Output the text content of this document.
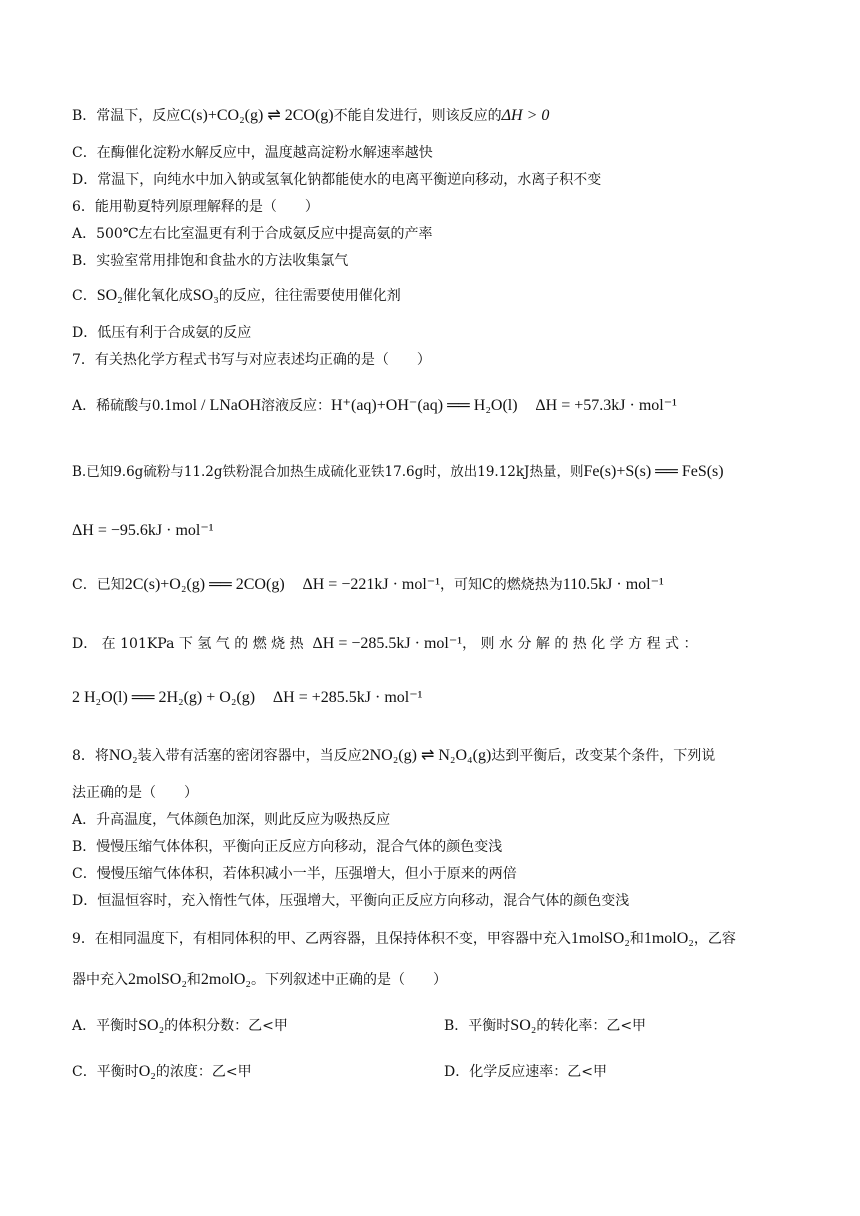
B．常温下，反应C(s)+CO₂(g) ⇌ 2CO(g)不能自发进行，则该反应的ΔH > 0
C．在酶催化淀粉水解反应中，温度越高淀粉水解速率越快
D．常温下，向纯水中加入钠或氢氧化钠都能使水的电离平衡逆向移动，水离子积不变
6．能用勒夏特列原理解释的是（　　）
A．500℃左右比室温更有利于合成氨反应中提高氨的产率
B．实验室常用排饱和食盐水的方法收集氯气
C．SO₂催化氧化成SO₃的反应，往往需要使用催化剂
D．低压有利于合成氨的反应
7．有关热化学方程式书写与对应表述均正确的是（　　）
A．稀硫酸与0.1mol / LNaOH溶液反应：H⁺(aq)+OH⁻(aq) ══ H₂O(l) ΔH = +57.3kJ · mol⁻¹
B.已知9.6g硫粉与11.2g铁粉混合加热生成硫化亚铁17.6g时，放出19.12kJ热量，则Fe(s)+S(s) ══ FeS(s)
ΔH = −95.6kJ · mol⁻¹
C．已知2C(s)+O₂(g) ══ 2CO(g) ΔH = −221kJ · mol⁻¹，可知C的燃烧热为110.5kJ · mol⁻¹
D． 在 101KPa 下 氢 气 的 燃 烧 热 ΔH = −285.5kJ · mol⁻¹， 则 水 分 解 的 热 化 学 方 程 式 ：
2 H₂O(l) ══ 2H₂(g) + O₂(g) ΔH = +285.5kJ · mol⁻¹
8．将NO₂装入带有活塞的密闭容器中，当反应2NO₂(g) ⇌ N₂O₄(g)达到平衡后，改变某个条件，下列说
法正确的是（　　）
A．升高温度，气体颜色加深，则此反应为吸热反应
B．慢慢压缩气体体积，平衡向正反应方向移动，混合气体的颜色变浅
C．慢慢压缩气体体积，若体积减小一半，压强增大，但小于原来的两倍
D．恒温恒容时，充入惰性气体，压强增大，平衡向正反应方向移动，混合气体的颜色变浅
9．在相同温度下，有相同体积的甲、乙两容器，且保持体积不变，甲容器中充入1molSO₂和1molO₂，乙容
器中充入2molSO₂和2molO₂。下列叙述中正确的是（　　）
A．平衡时SO₂的体积分数：乙<甲	B．平衡时SO₂的转化率：乙<甲
C．平衡时O₂的浓度：乙<甲	D．化学反应速率：乙<甲
